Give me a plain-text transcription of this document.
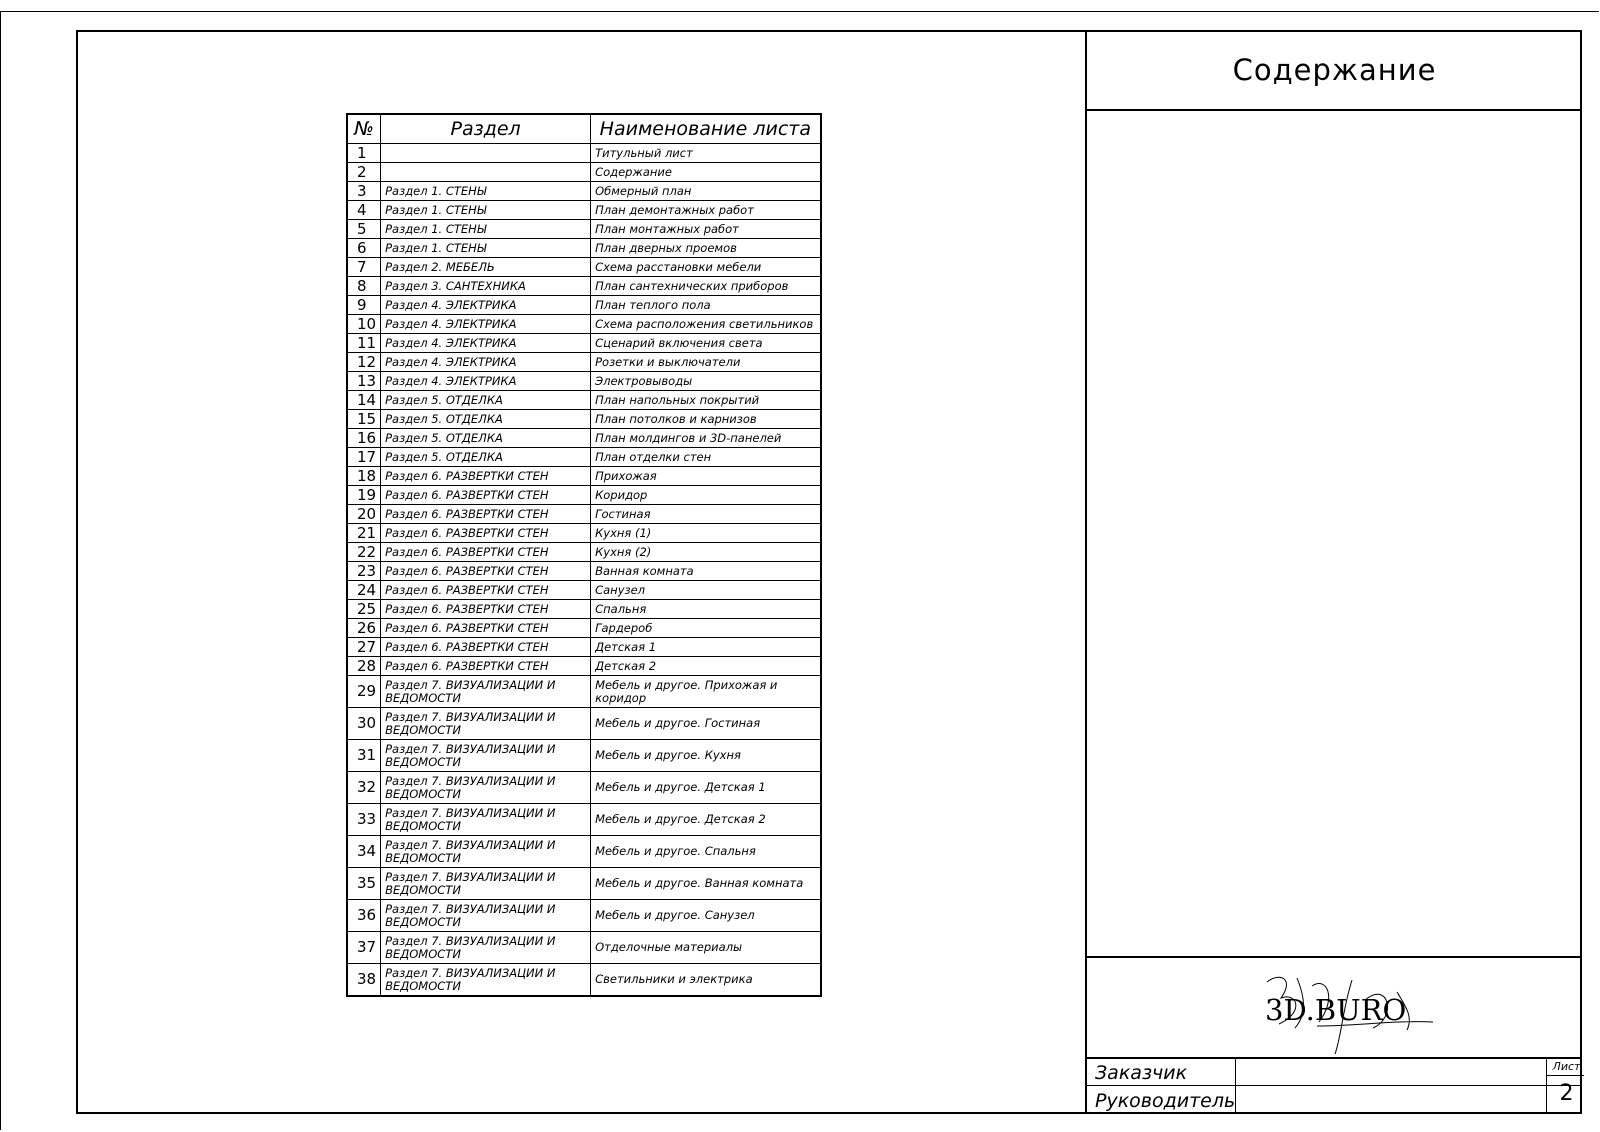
№	Раздел	Наименование листа
1		Титульный лист
2		Содержание
3	Раздел 1. СТЕНЫ	Обмерный план
4	Раздел 1. СТЕНЫ	План демонтажных работ
5	Раздел 1. СТЕНЫ	План монтажных работ
6	Раздел 1. СТЕНЫ	План дверных проемов
7	Раздел 2. МЕБЕЛЬ	Схема расстановки мебели
8	Раздел 3. САНТЕХНИКА	План сантехнических приборов
9	Раздел 4. ЭЛЕКТРИКА	План теплого пола
10	Раздел 4. ЭЛЕКТРИКА	Схема расположения светильников
11	Раздел 4. ЭЛЕКТРИКА	Сценарий включения света
12	Раздел 4. ЭЛЕКТРИКА	Розетки и выключатели
13	Раздел 4. ЭЛЕКТРИКА	Электровыводы
14	Раздел 5. ОТДЕЛКА	План напольных покрытий
15	Раздел 5. ОТДЕЛКА	План потолков и карнизов
16	Раздел 5. ОТДЕЛКА	План молдингов и 3D-панелей
17	Раздел 5. ОТДЕЛКА	План отделки стен
18	Раздел 6. РАЗВЕРТКИ СТЕН	Прихожая
19	Раздел 6. РАЗВЕРТКИ СТЕН	Коридор
20	Раздел 6. РАЗВЕРТКИ СТЕН	Гостиная
21	Раздел 6. РАЗВЕРТКИ СТЕН	Кухня (1)
22	Раздел 6. РАЗВЕРТКИ СТЕН	Кухня (2)
23	Раздел 6. РАЗВЕРТКИ СТЕН	Ванная комната
24	Раздел 6. РАЗВЕРТКИ СТЕН	Санузел
25	Раздел 6. РАЗВЕРТКИ СТЕН	Спальня
26	Раздел 6. РАЗВЕРТКИ СТЕН	Гардероб
27	Раздел 6. РАЗВЕРТКИ СТЕН	Детская 1
28	Раздел 6. РАЗВЕРТКИ СТЕН	Детская 2
29	Раздел 7. ВИЗУАЛИЗАЦИИ И ВЕДОМОСТИ	Мебель и другое. Прихожая и коридор
30	Раздел 7. ВИЗУАЛИЗАЦИИ И ВЕДОМОСТИ	Мебель и другое. Гостиная
31	Раздел 7. ВИЗУАЛИЗАЦИИ И ВЕДОМОСТИ	Мебель и другое. Кухня
32	Раздел 7. ВИЗУАЛИЗАЦИИ И ВЕДОМОСТИ	Мебель и другое. Детская 1
33	Раздел 7. ВИЗУАЛИЗАЦИИ И ВЕДОМОСТИ	Мебель и другое. Детская 2
34	Раздел 7. ВИЗУАЛИЗАЦИИ И ВЕДОМОСТИ	Мебель и другое. Спальня
35	Раздел 7. ВИЗУАЛИЗАЦИИ И ВЕДОМОСТИ	Мебель и другое. Ванная комната
36	Раздел 7. ВИЗУАЛИЗАЦИИ И ВЕДОМОСТИ	Мебель и другое. Санузел
37	Раздел 7. ВИЗУАЛИЗАЦИИ И ВЕДОМОСТИ	Отделочные материалы
38	Раздел 7. ВИЗУАЛИЗАЦИИ И ВЕДОМОСТИ	Светильники и электрика
Содержание
3D.BURO
Заказчик
Руководитель
Лист
2
